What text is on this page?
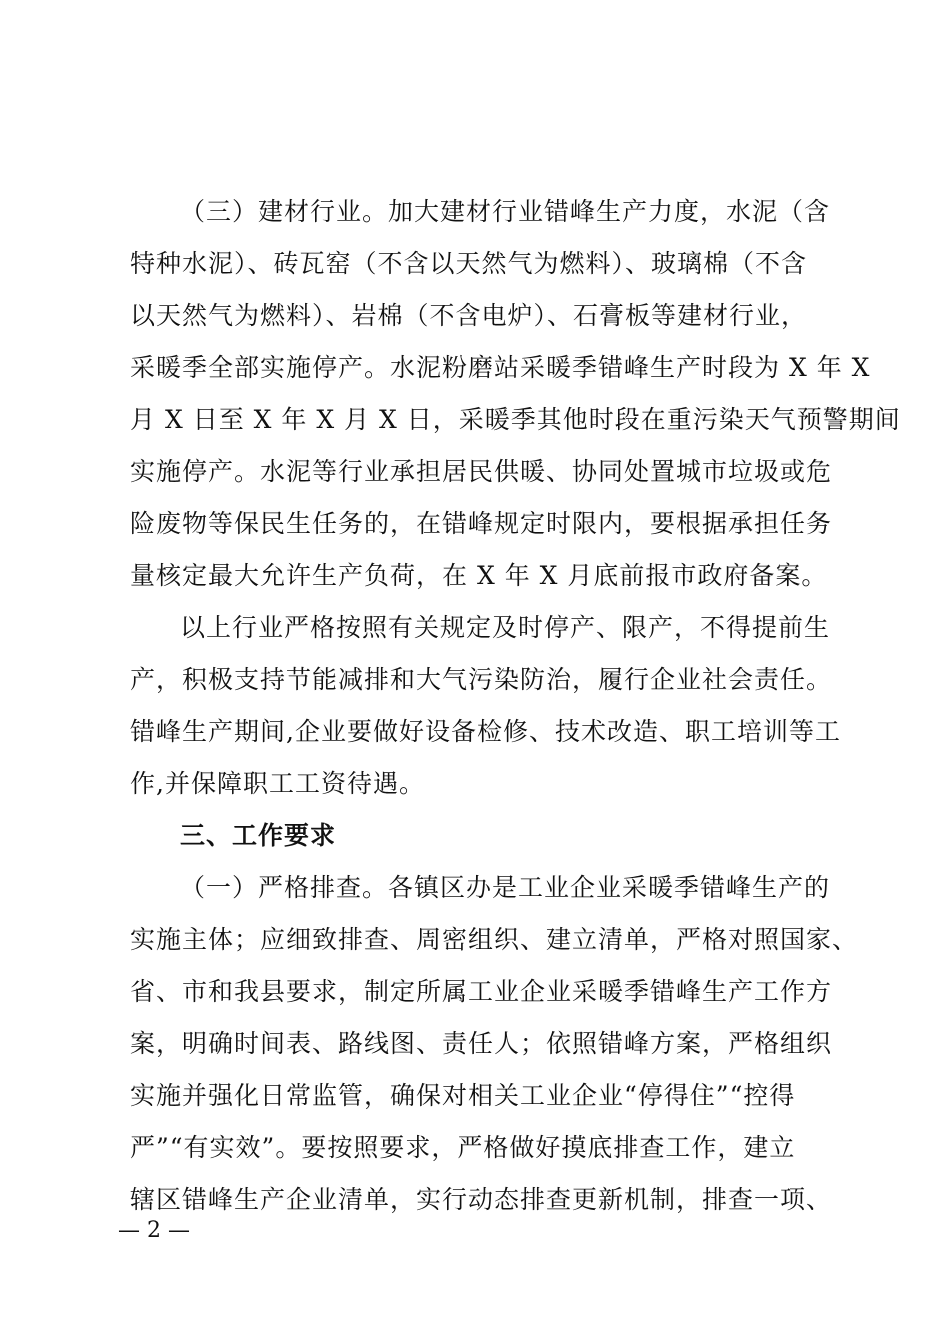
（三）建材行业。加大建材行业错峰生产力度，水泥（含
特种水泥）、砖瓦窑（不含以天然气为燃料）、玻璃棉（不含
以天然气为燃料）、岩棉（不含电炉）、石膏板等建材行业，
采暖季全部实施停产。水泥粉磨站采暖季错峰生产时段为 X 年 X
月 X 日至 X 年 X 月 X 日，采暖季其他时段在重污染天气预警期间
实施停产。水泥等行业承担居民供暖、协同处置城市垃圾或危
险废物等保民生任务的，在错峰规定时限内，要根据承担任务
量核定最大允许生产负荷，在 X 年 X 月底前报市政府备案。
以上行业严格按照有关规定及时停产、限产，不得提前生
产，积极支持节能减排和大气污染防治，履行企业社会责任。
错峰生产期间,企业要做好设备检修、技术改造、职工培训等工
作,并保障职工工资待遇。
三、工作要求
（一）严格排查。各镇区办是工业企业采暖季错峰生产的
实施主体；应细致排查、周密组织、建立清单，严格对照国家、
省、市和我县要求，制定所属工业企业采暖季错峰生产工作方
案，明确时间表、路线图、责任人；依照错峰方案，严格组织
实施并强化日常监管，确保对相关工业企业“停得住”“控得
严”“有实效”。要按照要求，严格做好摸底排查工作，建立
辖区错峰生产企业清单，实行动态排查更新机制，排查一项、
— 2 —
